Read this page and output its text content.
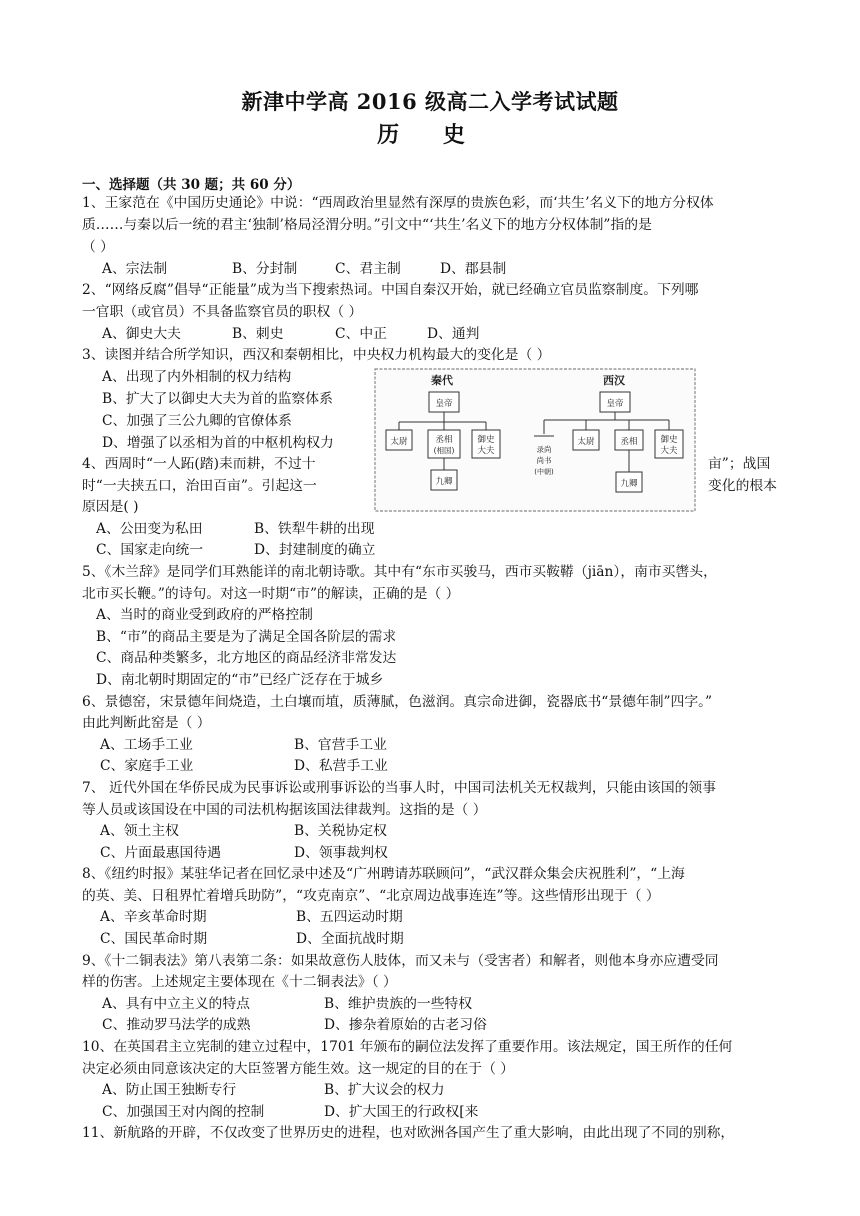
新津中学高 2016 级高二入学考试试题
历 史
一、选择题（共 30 题；共 60 分）
1、王家范在《中国历史通论》中说：“西周政治里显然有深厚的贵族色彩，而‘共生’名义下的地方分权体
质……与秦以后一统的君主‘独制’格局泾渭分明。”引文中“‘共生’名义下的地方分权体制”指的是
（ ）
A、宗法制	B、分封制	C、君主制	D、郡县制
2、“网络反腐”倡导“正能量”成为当下搜索热词。中国自秦汉开始，就已经确立官员监察制度。下列哪
一官职（或官员）不具备监察官员的职权（ ）
A、御史大夫	B、刺史	C、中正	D、通判
3、读图并结合所学知识，西汉和秦朝相比，中央权力机构最大的变化是（ ）
A、出现了内外相制的权力结构
B、扩大了以御史大夫为首的监察体系
C、加强了三公九卿的官僚体系
D、增强了以丞相为首的中枢机构权力
秦代
皇帝
太尉	丞相
(相国)
御史
大夫
九卿
西汉
皇帝
录尚
尚书
(中朝)
太尉	丞相	御史
大夫
九卿
4、西周时“一人跖(踏)耒而耕，不过十	亩”；战国
时“一夫挟五口，治田百亩”。引起这一	变化的根本
原因是( )
A、公田变为私田	B、铁犁牛耕的出现
C、国家走向统一	D、封建制度的确立
5、《木兰辞》是同学们耳熟能详的南北朝诗歌。其中有“东市买骏马，西市买鞍鞯（jiān），南市买辔头，
北市买长鞭。”的诗句。对这一时期“市”的解读，正确的是（ ）
A、当时的商业受到政府的严格控制
B、“市”的商品主要是为了满足全国各阶层的需求
C、商品种类繁多，北方地区的商品经济非常发达
D、南北朝时期固定的“市”已经广泛存在于城乡
6、景德窑，宋景德年间烧造，土白壤而埴，质薄腻，色滋润。真宗命进御，瓷器底书“景德年制”四字。”
由此判断此窑是（ ）
A、工场手工业	B、官营手工业
C、家庭手工业	D、私营手工业
7、 近代外国在华侨民成为民事诉讼或刑事诉讼的当事人时，中国司法机关无权裁判，只能由该国的领事
等人员或该国设在中国的司法机构据该国法律裁判。这指的是（ ）
A、领土主权	B、关税协定权
C、片面最惠国待遇	D、领事裁判权
8、《纽约时报》某驻华记者在回忆录中述及“广州聘请苏联顾问”，“武汉群众集会庆祝胜利”，“上海
的英、美、日租界忙着增兵助防”，“攻克南京”、“北京周边战事连连”等。这些情形出现于（ ）
A、辛亥革命时期	B、五四运动时期
C、国民革命时期	D、全面抗战时期
9、《十二铜表法》第八表第二条：如果故意伤人肢体，而又未与（受害者）和解者，则他本身亦应遭受同
样的伤害。上述规定主要体现在《十二铜表法》（ ）
A、具有中立主义的特点	B、维护贵族的一些特权
C、推动罗马法学的成熟	D、掺杂着原始的古老习俗
10、在英国君主立宪制的建立过程中，1701 年颁布的嗣位法发挥了重要作用。该法规定，国王所作的任何
决定必须由同意该决定的大臣签署方能生效。这一规定的目的在于（ ）
A、防止国王独断专行	B、扩大议会的权力
C、加强国王对内阁的控制	D、扩大国王的行政权[来
11、新航路的开辟，不仅改变了世界历史的进程，也对欧洲各国产生了重大影响，由此出现了不同的别称，
